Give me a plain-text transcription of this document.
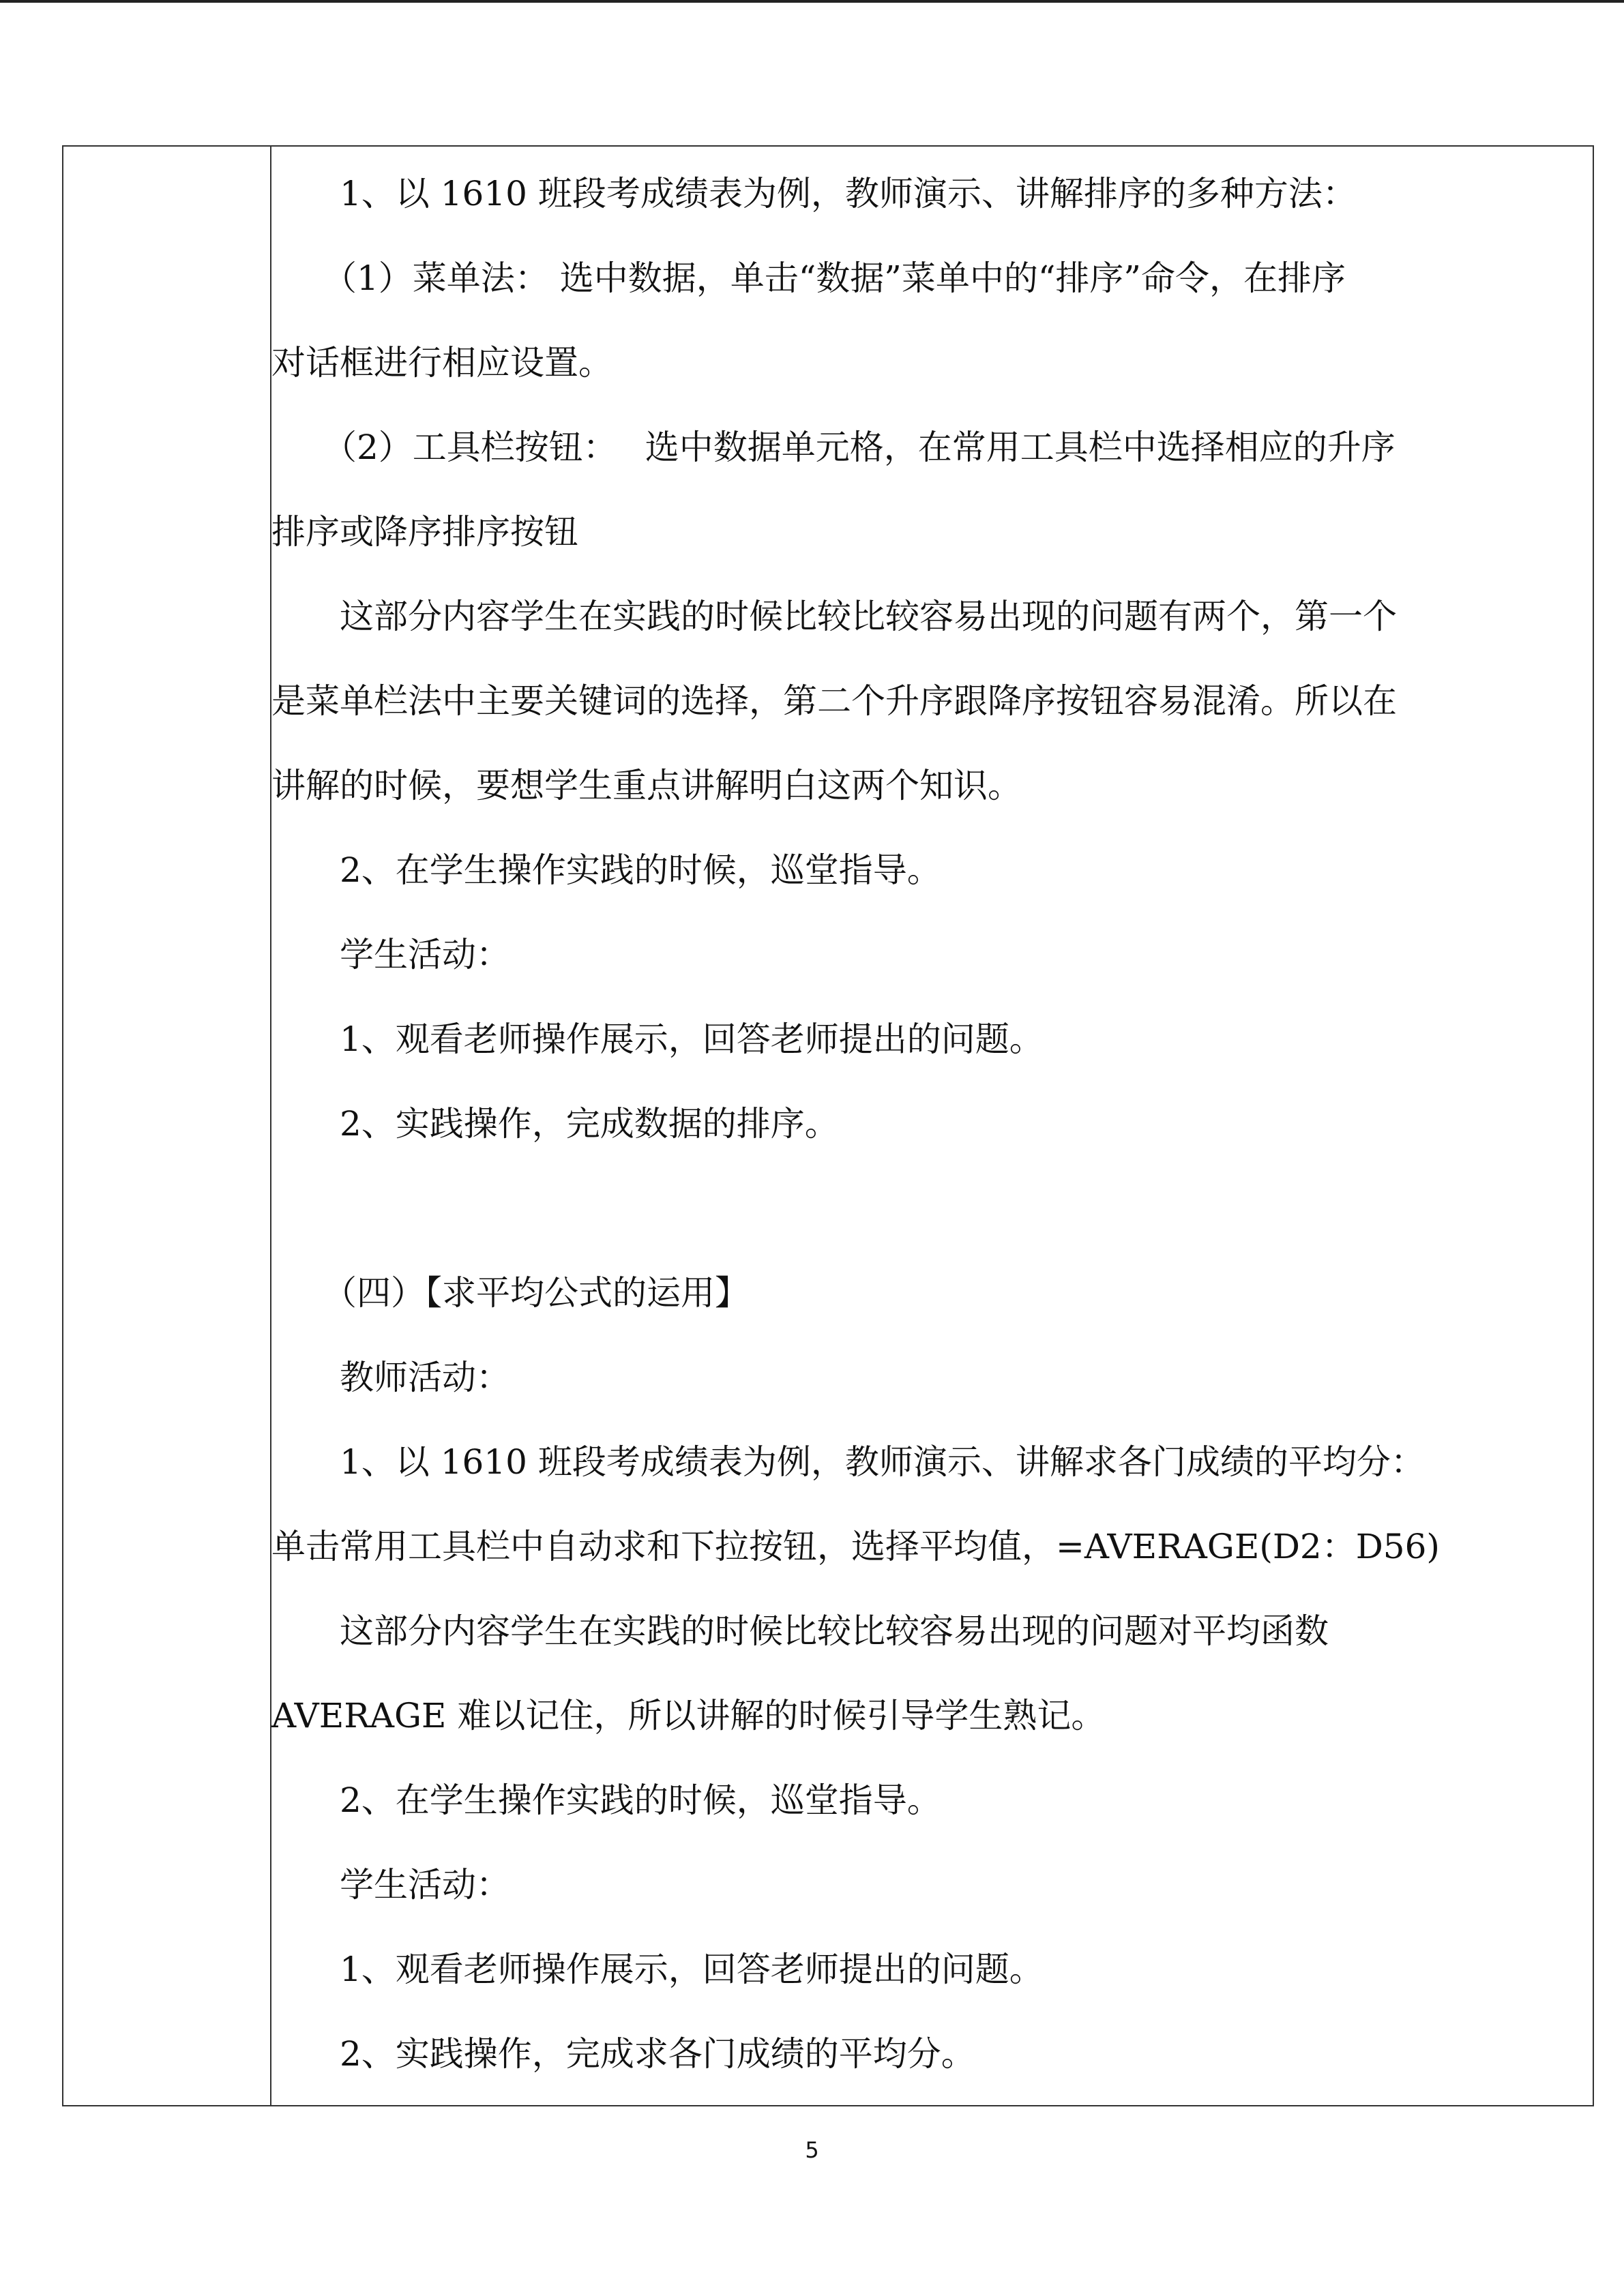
　　1、以 1610 班段考成绩表为例，教师演示、讲解排序的多种方法：
　　（1）菜单法： 选中数据，单击“数据”菜单中的“排序”命令，在排序
对话框进行相应设置。
　　（2）工具栏按钮：　 选中数据单元格，在常用工具栏中选择相应的升序
排序或降序排序按钮
　　这部分内容学生在实践的时候比较比较容易出现的问题有两个，第一个
是菜单栏法中主要关键词的选择，第二个升序跟降序按钮容易混淆。所以在
讲解的时候，要想学生重点讲解明白这两个知识。
　　2、在学生操作实践的时候，巡堂指导。
　　学生活动：
　　1、观看老师操作展示，回答老师提出的问题。
　　2、实践操作，完成数据的排序。
　　（四）【求平均公式的运用】
　　教师活动：
　　1、以 1610 班段考成绩表为例，教师演示、讲解求各门成绩的平均分：
单击常用工具栏中自动求和下拉按钮，选择平均值，=AVERAGE(D2：D56)
　　这部分内容学生在实践的时候比较比较容易出现的问题对平均函数
AVERAGE 难以记住，所以讲解的时候引导学生熟记。
　　2、在学生操作实践的时候，巡堂指导。
　　学生活动：
　　1、观看老师操作展示，回答老师提出的问题。
　　2、实践操作，完成求各门成绩的平均分。
5
